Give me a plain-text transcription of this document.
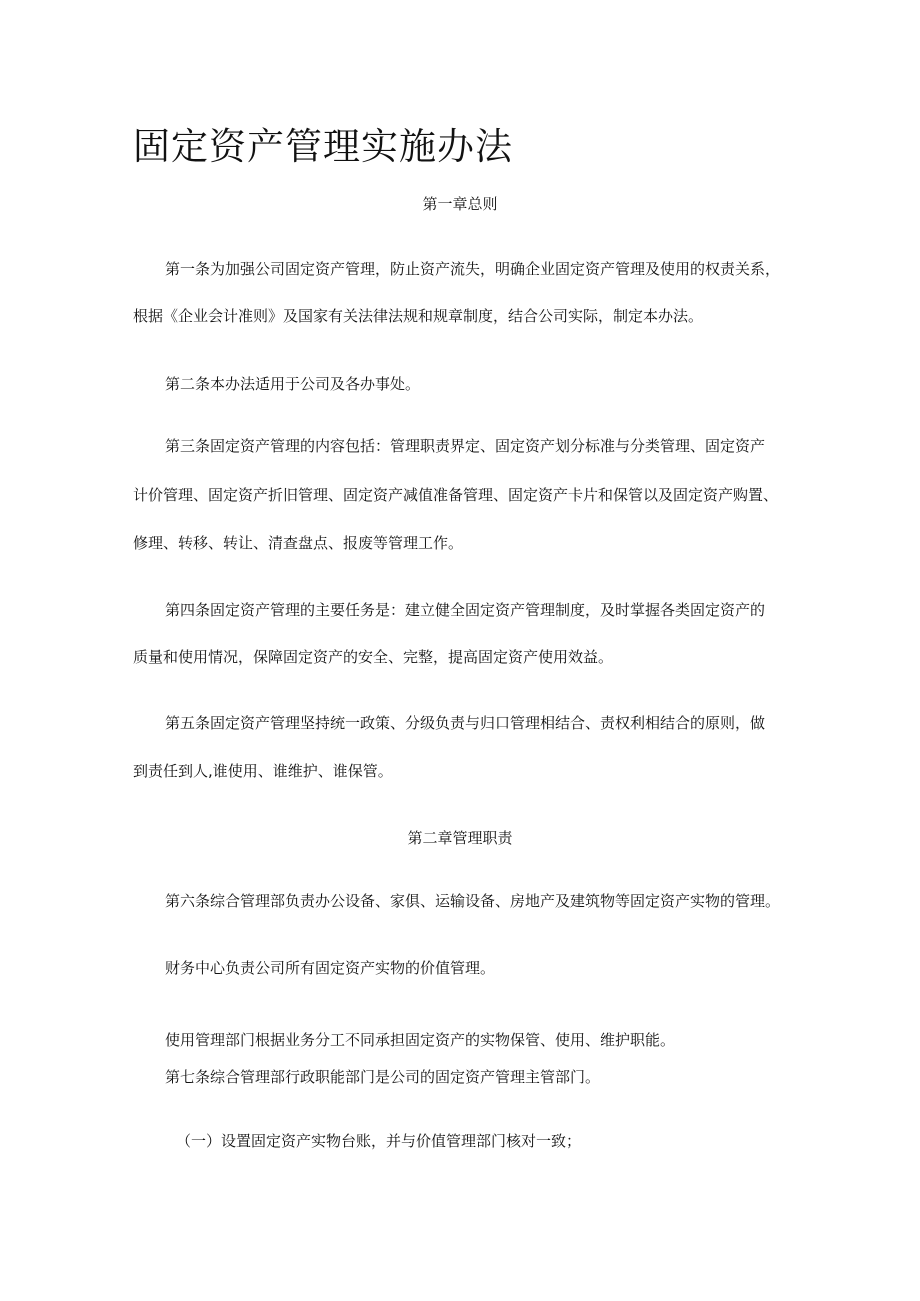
固定资产管理实施办法
第一章总则

第一条为加强公司固定资产管理，防止资产流失，明确企业固定资产管理及使用的权责关系，

根据《企业会计准则》及国家有关法律法规和规章制度，结合公司实际，制定本办法。

第二条本办法适用于公司及各办事处。

第三条固定资产管理的内容包括：管理职责界定、固定资产划分标准与分类管理、固定资产

计价管理、固定资产折旧管理、固定资产减值准备管理、固定资产卡片和保管以及固定资产购置、

修理、转移、转让、清查盘点、报废等管理工作。

第四条固定资产管理的主要任务是：建立健全固定资产管理制度，及时掌握各类固定资产的

质量和使用情况，保障固定资产的安全、完整，提高固定资产使用效益。

第五条固定资产管理坚持统一政策、分级负责与归口管理相结合、责权利相结合的原则，做

到责任到人,谁使用、谁维护、谁保管。

第二章管理职责

第六条综合管理部负责办公设备、家俱、运输设备、房地产及建筑物等固定资产实物的管理。

财务中心负责公司所有固定资产实物的价值管理。

使用管理部门根据业务分工不同承担固定资产的实物保管、使用、维护职能。

第七条综合管理部行政职能部门是公司的固定资产管理主管部门。

（一）设置固定资产实物台账，并与价值管理部门核对一致；
